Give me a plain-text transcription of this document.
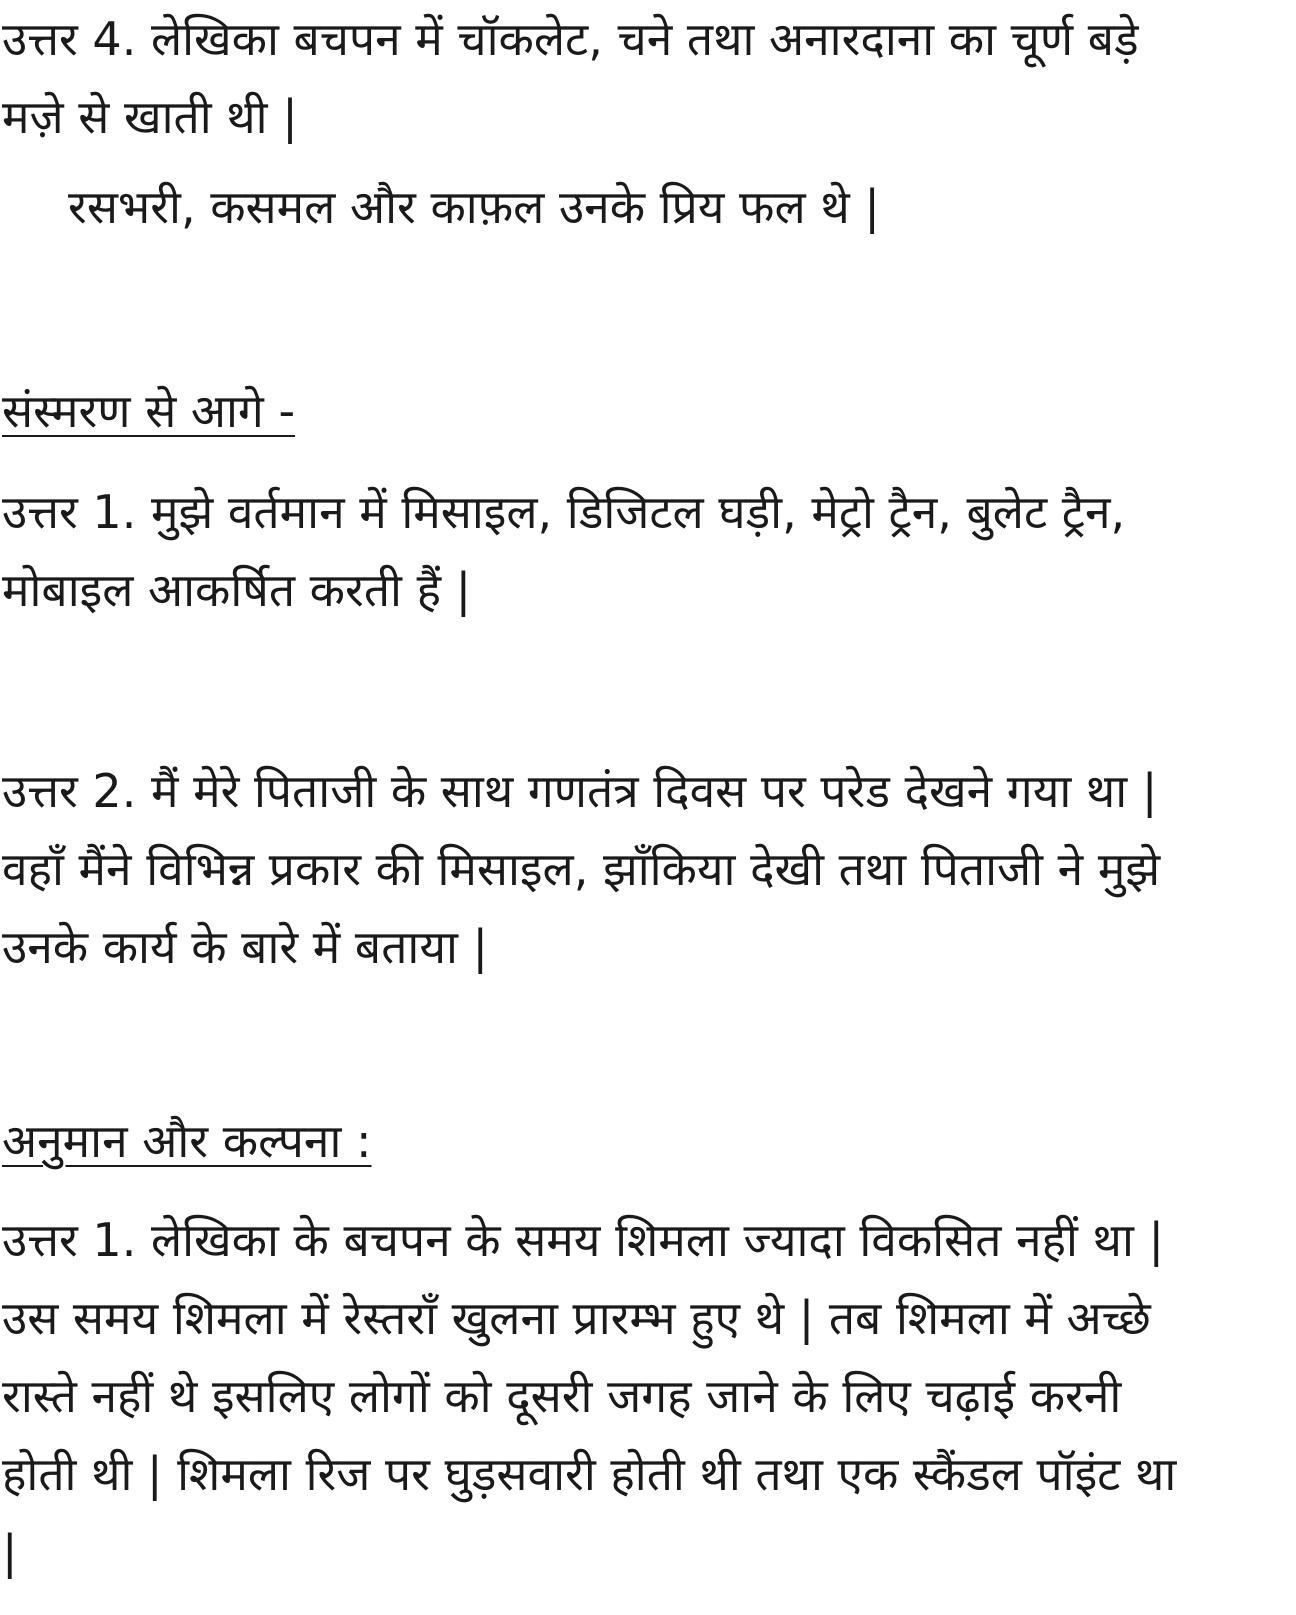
उत्तर 4. लेखिका बचपन में चॉकलेट, चने तथा अनारदाना का चूर्ण बड़े
मज़े से खाती थी |
रसभरी, कसमल और काफ़ल उनके प्रिय फल थे |
संस्मरण से आगे -
उत्तर 1. मुझे वर्तमान में मिसाइल, डिजिटल घड़ी, मेट्रो ट्रैन, बुलेट ट्रैन,
मोबाइल आकर्षित करती हैं |
उत्तर 2. मैं मेरे पिताजी के साथ गणतंत्र दिवस पर परेड देखने गया था |
वहाँ मैंने विभिन्न प्रकार की मिसाइल, झाँकिया देखी तथा पिताजी ने मुझे
उनके कार्य के बारे में बताया |
अनुमान और कल्पना :
उत्तर 1. लेखिका के बचपन के समय शिमला ज्यादा विकसित नहीं था |
उस समय शिमला में रेस्तराँ खुलना प्रारम्भ हुए थे | तब शिमला में अच्छे
रास्ते नहीं थे इसलिए लोगों को दूसरी जगह जाने के लिए चढ़ाई करनी
होती थी | शिमला रिज पर घुड़सवारी होती थी तथा एक स्कैंडल पॉइंट था
|
